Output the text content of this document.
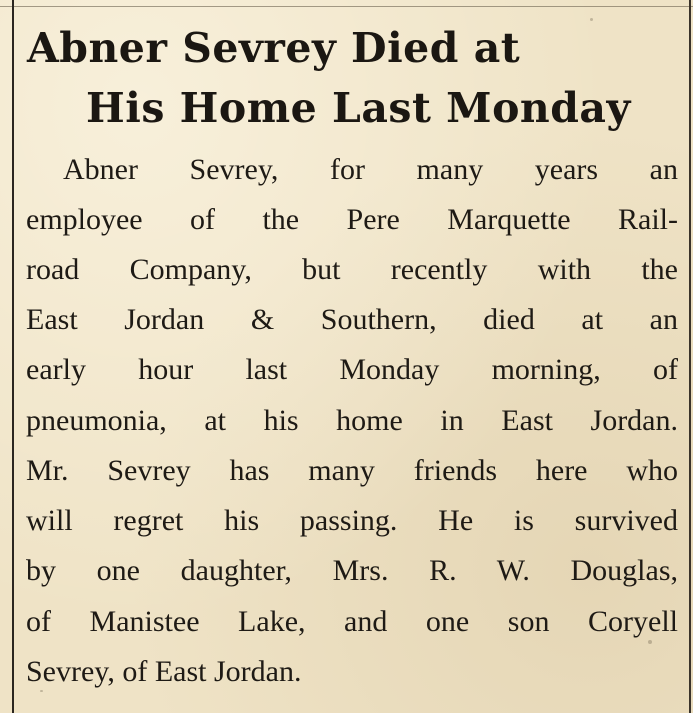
Abner Sevrey Died at
His Home Last Monday
Abner Sevrey, for many years an
employee of the Pere Marquette Rail-
road Company, but recently with the
East Jordan & Southern, died at an
early hour last Monday morning, of
pneumonia, at his home in East Jordan.
Mr. Sevrey has many friends here who
will regret his passing. He is survived
by one daughter, Mrs. R. W. Douglas,
of Manistee Lake, and one son Coryell
Sevrey, of East Jordan.
